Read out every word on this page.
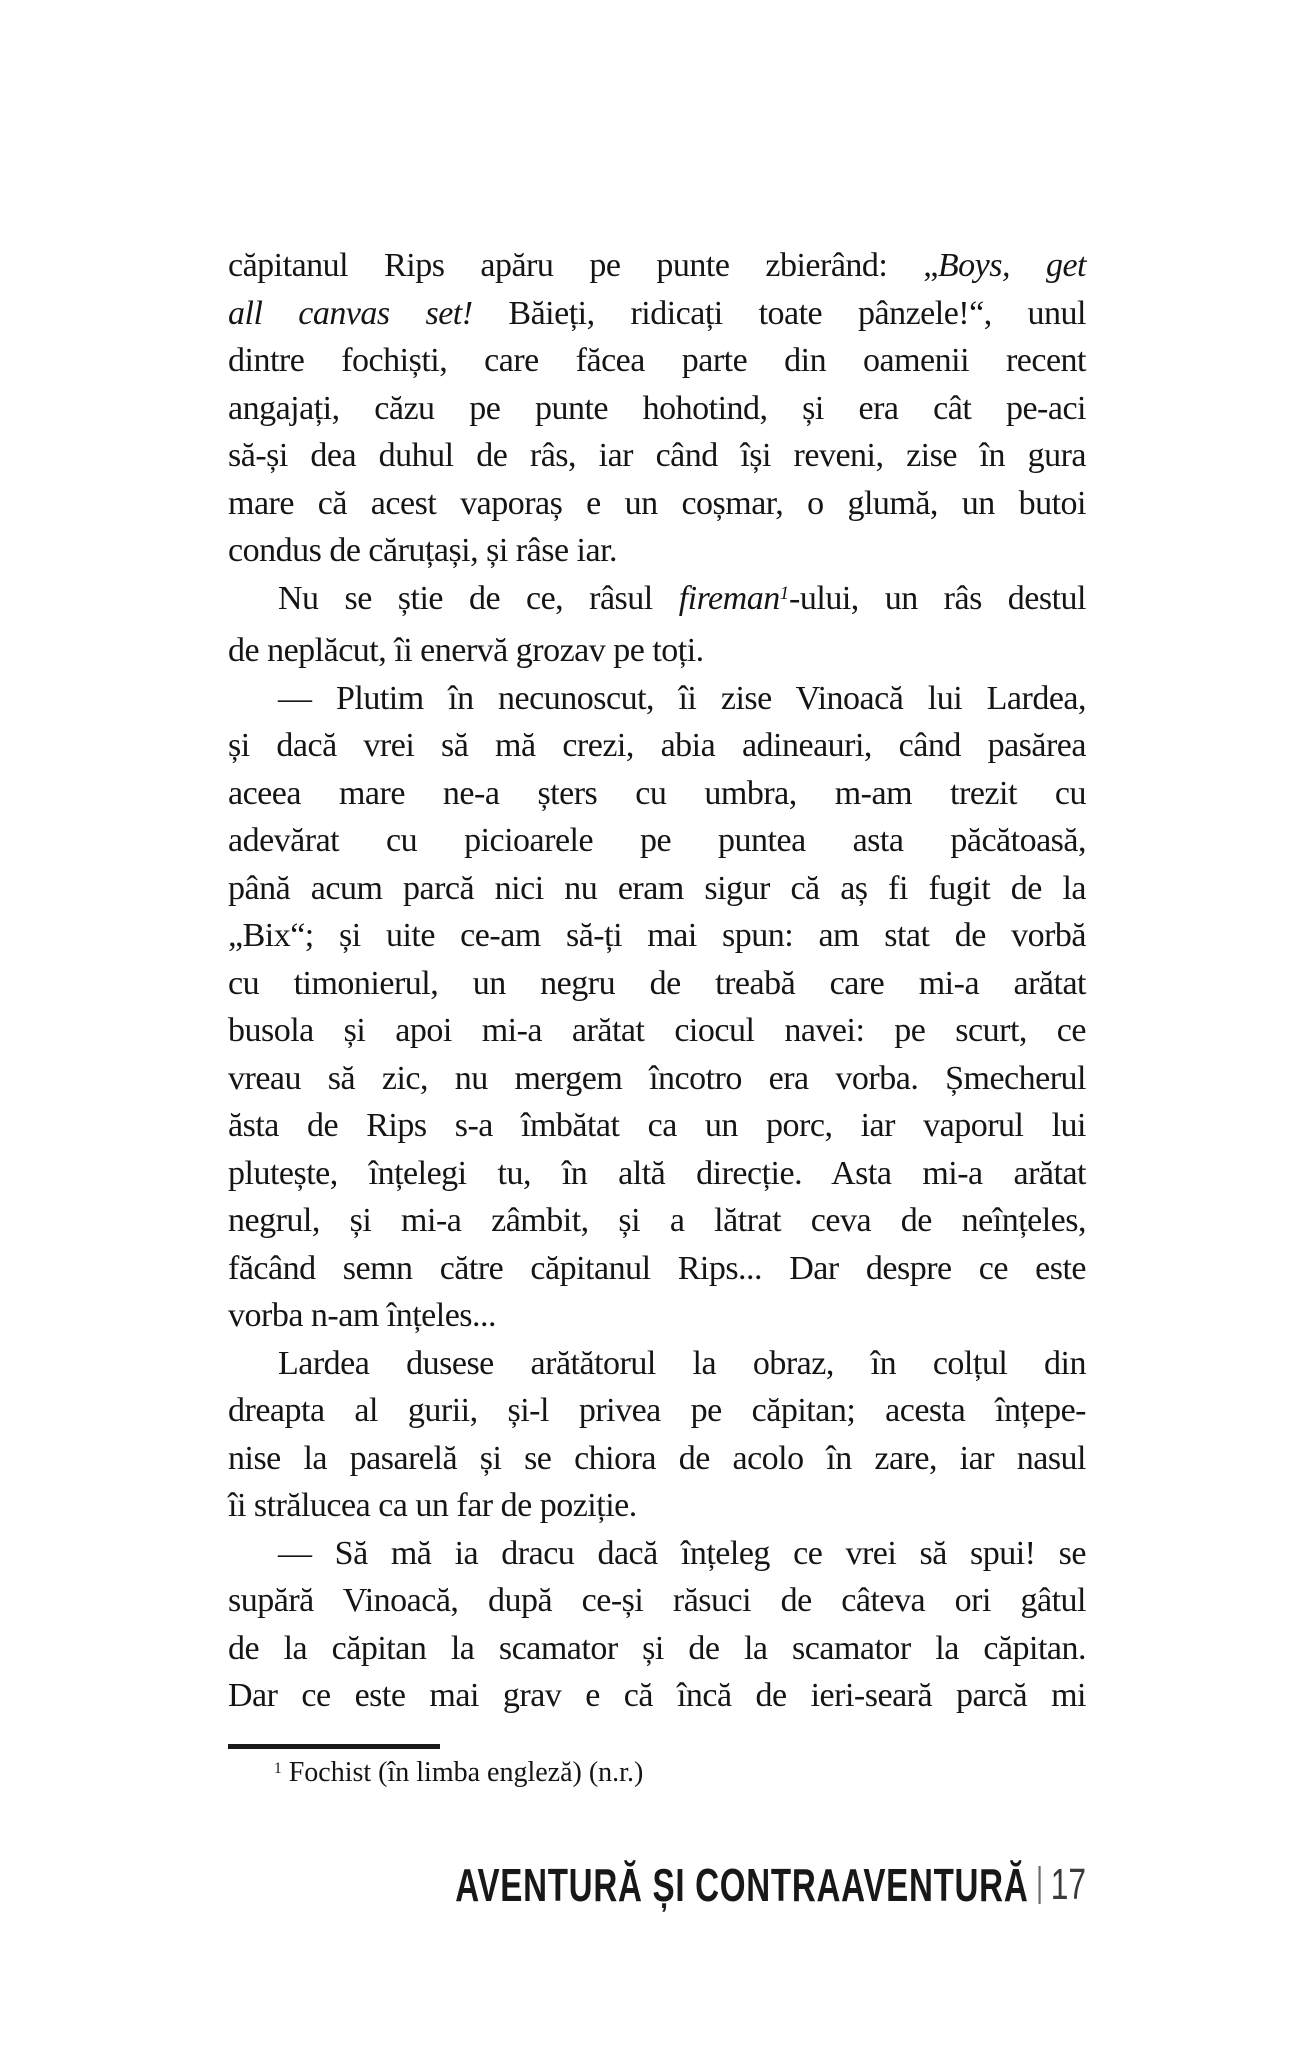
căpitanul Rips apăru pe punte zbierând: „Boys, get
all canvas set! Băieți, ridicați toate pânzele!“, unul
dintre fochiști, care făcea parte din oamenii recent
angajați, căzu pe punte hohotind, și era cât pe-aci
să-și dea duhul de râs, iar când își reveni, zise în gura
mare că acest vaporaș e un coșmar, o glumă, un butoi
condus de căruțași, și râse iar.
Nu se știe de ce, râsul fireman$^1$-ului, un râs destul
de neplăcut, îi enervă grozav pe toți.
— Plutim în necunoscut, îi zise Vinoacă lui Lardea,
și dacă vrei să mă crezi, abia adineauri, când pasărea
aceea mare ne-a șters cu umbra, m-am trezit cu
adevărat cu picioarele pe puntea asta păcătoasă,
până acum parcă nici nu eram sigur că aș fi fugit de la
„Bix“; și uite ce-am să-ți mai spun: am stat de vorbă
cu timonierul, un negru de treabă care mi-a arătat
busola și apoi mi-a arătat ciocul navei: pe scurt, ce
vreau să zic, nu mergem încotro era vorba. Șmecherul
ăsta de Rips s-a îmbătat ca un porc, iar vaporul lui
plutește, înțelegi tu, în altă direcție. Asta mi-a arătat
negrul, și mi-a zâmbit, și a lătrat ceva de neînțeles,
făcând semn către căpitanul Rips... Dar despre ce este
vorba n-am înțeles...
Lardea dusese arătătorul la obraz, în colțul din
dreapta al gurii, și-l privea pe căpitan; acesta înțepe-
nise la pasarelă și se chiora de acolo în zare, iar nasul
îi strălucea ca un far de poziție.
— Să mă ia dracu dacă înțeleg ce vrei să spui! se
supără Vinoacă, după ce-și răsuci de câteva ori gâtul
de la căpitan la scamator și de la scamator la căpitan.
Dar ce este mai grav e că încă de ieri-seară parcă mi
$^1$ Fochist (în limba engleză) (n.r.)
AVENTURĂ ȘI CONTRAAVENTURĂ 17
